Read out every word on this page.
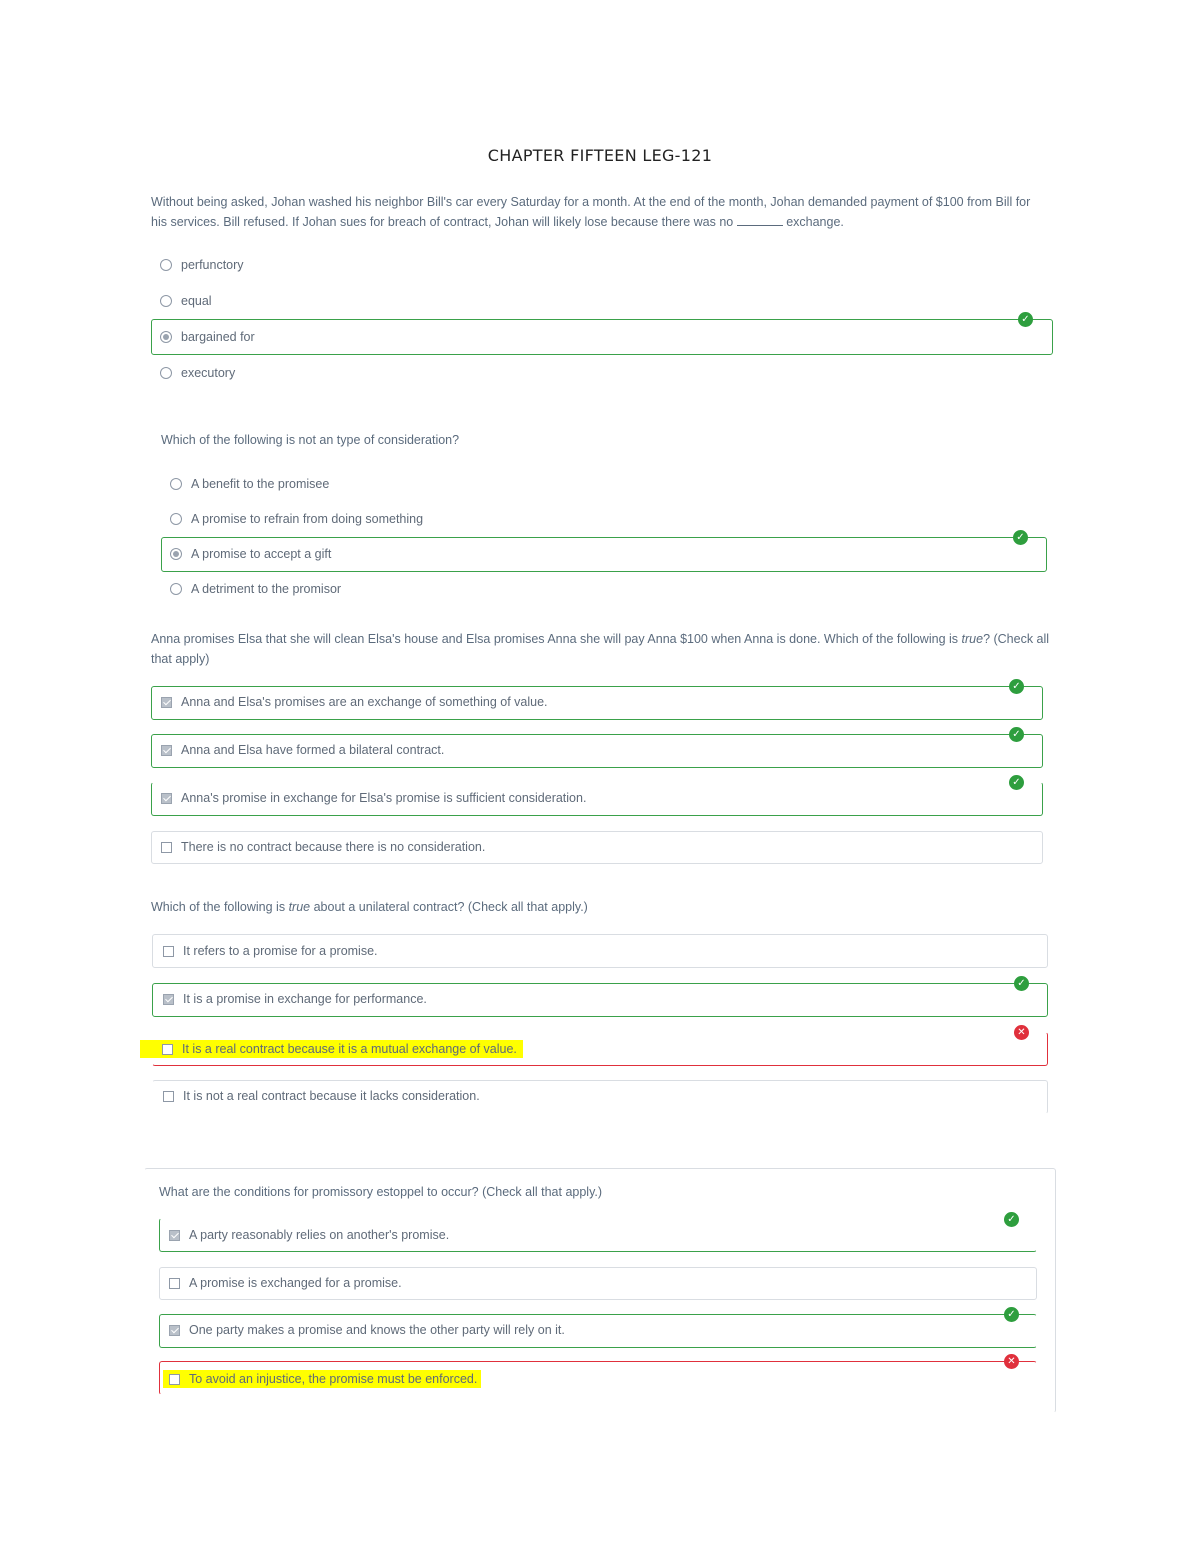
CHAPTER FIFTEEN LEG-121
Without being asked, Johan washed his neighbor Bill's car every Saturday for a month. At the end of the month, Johan demanded payment of $100 from Bill for his services. Bill refused. If Johan sues for breach of contract, Johan will likely lose because there was no	exchange.
perfunctory
equal
✓
bargained for
executory
Which of the following is not an type of consideration?
A benefit to the promisee
A promise to refrain from doing something
✓
A promise to accept a gift
A detriment to the promisor
Anna promises Elsa that she will clean Elsa's house and Elsa promises Anna she will pay Anna $100 when Anna is done. Which of the following is true? (Check all that apply)
✓
Anna and Elsa's promises are an exchange of something of value.
✓
Anna and Elsa have formed a bilateral contract.
✓
Anna's promise in exchange for Elsa's promise is sufficient consideration.
There is no contract because there is no consideration.
Which of the following is true about a unilateral contract? (Check all that apply.)
It refers to a promise for a promise.
✓
It is a promise in exchange for performance.
✕
It is a real contract because it is a mutual exchange of value.
It is not a real contract because it lacks consideration.
What are the conditions for promissory estoppel to occur? (Check all that apply.)
✓
A party reasonably relies on another's promise.
A promise is exchanged for a promise.
✓
One party makes a promise and knows the other party will rely on it.
✕
To avoid an injustice, the promise must be enforced.
